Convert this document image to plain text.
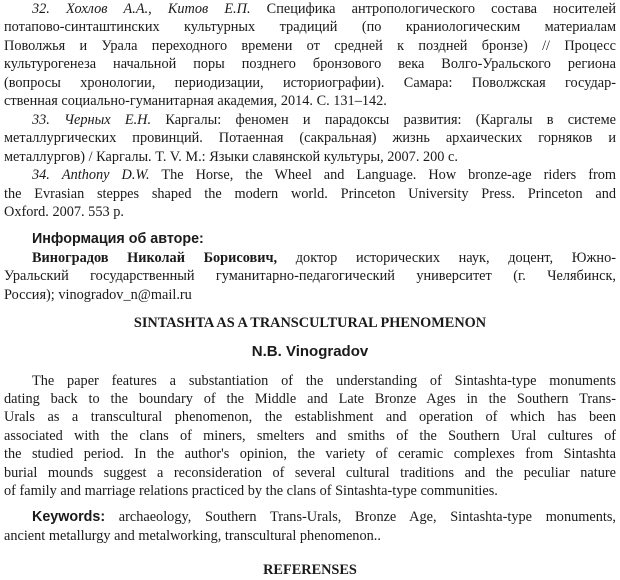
32. Хохлов А.А., Китов Е.П. Специфика антропологического состава носителей

потапово-синташтинских культурных традиций (по краниологическим материалам

Поволжья и Урала переходного времени от средней к поздней бронзе) // Процесс

культурогенеза начальной поры позднего бронзового века Волго-Уральского региона

(вопросы хронологии, периодизации, историографии). Самара: Поволжская государ-

ственная социально-гуманитарная академия, 2014. С. 131–142.

33. Черных Е.Н. Каргалы: феномен и парадоксы развития: (Каргалы в системе

металлургических провинций. Потаенная (сакральная) жизнь архаических горняков и

металлургов) / Каргалы. T. V. M.: Языки славянской культуры, 2007. 200 с.

34. Anthony D.W. The Horse, the Wheel and Language. How bronze-age riders from

the Evrasian steppes shaped the modern world. Princeton University Press. Princeton and

Oxford. 2007. 553 p.

Информация об авторе:

Виноградов Николай Борисович, доктор исторических наук, доцент, Южно-

Уральский государственный гуманитарно-педагогический университет (г. Челябинск,

Россия); vinogradov_n@mail.ru

SINTASHTA AS A TRANSCULTURAL PHENOMENON

N.B. Vinogradov

The paper features a substantiation of the understanding of Sintashta-type monuments

dating back to the boundary of the Middle and Late Bronze Ages in the Southern Trans-

Urals as a transcultural phenomenon, the establishment and operation of which has been

associated with the clans of miners, smelters and smiths of the Southern Ural cultures of

the studied period. In the author's opinion, the variety of ceramic complexes from Sintashta

burial mounds suggest a reconsideration of several cultural traditions and the peculiar nature

of family and marriage relations practiced by the clans of Sintashta-type communities.

Keywords: archaeology, Southern Trans-Urals, Bronze Age, Sintashta-type monuments,

ancient metallurgy and metalworking, transcultural phenomenon..

REFERENSES
